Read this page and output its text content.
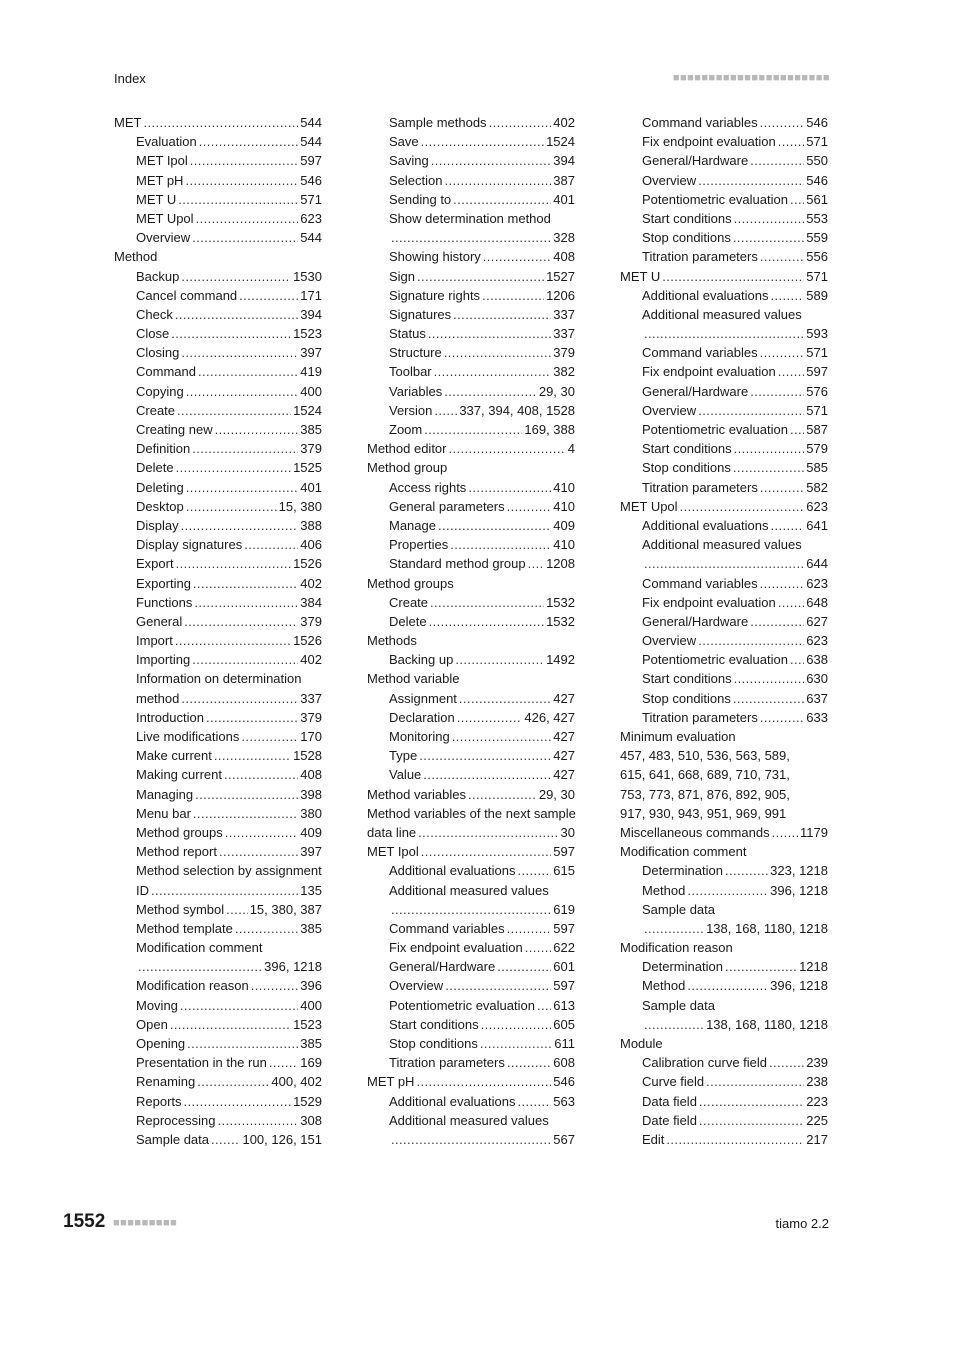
Index	■■■■■■■■■■■■■■■■■■■■■■
MET .....	544
Evaluation .....	544
MET Ipol .....	597
MET pH .....	546
MET U .....	571
MET Upol .....	623
Overview .....	544
Method
Backup .....	1530
Cancel command .....	171
Check .....	394
Close .....	1523
Closing .....	397
Command .....	419
Copying .....	400
Create .....	1524
Creating new .....	385
Definition .....	379
Delete .....	1525
Deleting .....	401
Desktop .....	15, 380
Display .....	388
Display signatures .....	406
Export .....	1526
Exporting .....	402
Functions .....	384
General .....	379
Import .....	1526
Importing .....	402
Information on determination
method .....	337
Introduction .....	379
Live modifications .....	170
Make current .....	1528
Making current .....	408
Managing .....	398
Menu bar .....	380
Method groups .....	409
Method report .....	397
Method selection by assignment
ID .....	135
Method symbol ..... 15, 380, 387
Method template .....	385
Modification comment
.....
396, 1218
Modification reason .....	396
Moving .....	400
Open .....	1523
Opening .....	385
Presentation in the run .....	169
Renaming .....	400, 402
Reports .....	1529
Reprocessing .....	308
Sample data .....	100, 126, 151
Sample methods .....	402
Save .....	1524
Saving .....	394
Selection .....	387
Sending to .....	401
Show determination method
.....
328
Showing history .....	408
Sign .....	1527
Signature rights .....	1206
Signatures .....	337
Status .....	337
Structure .....	379
Toolbar .....	382
Variables .....	29, 30
Version ..... 337, 394, 408, 1528
Zoom .....	169, 388
Method editor .....	4
Method group
Access rights .....	410
General parameters .....	410
Manage .....	409
Properties .....	410
Standard method group ..... 1208
Method groups
Create .....	1532
Delete .....	1532
Methods
Backing up .....	1492
Method variable
Assignment .....	427
Declaration .....	426, 427
Monitoring .....	427
Type .....	427
Value .....	427
Method variables .....	29, 30
Method variables of the next sample
data line .....	30
MET Ipol .....	597
Additional evaluations .....	615
Additional measured values
.....
619
Command variables .....	597
Fix endpoint evaluation ..... 622
General/Hardware .....	601
Overview .....	597
Potentiometric evaluation ..... 613
Start conditions .....	605
Stop conditions .....	611
Titration parameters .....	608
MET pH .....	546
Additional evaluations .....	563
Additional measured values
.....
567
Command variables .....	546
Fix endpoint evaluation ..... 571
General/Hardware .....	550
Overview .....	546
Potentiometric evaluation ..... 561
Start conditions .....	553
Stop conditions .....	559
Titration parameters .....	556
MET U .....	571
Additional evaluations .....	589
Additional measured values
.....
593
Command variables .....	571
Fix endpoint evaluation ..... 597
General/Hardware .....	576
Overview .....	571
Potentiometric evaluation ..... 587
Start conditions .....	579
Stop conditions .....	585
Titration parameters .....	582
MET Upol .....	623
Additional evaluations .....	641
Additional measured values
.....
644
Command variables .....	623
Fix endpoint evaluation ..... 648
General/Hardware .....	627
Overview .....	623
Potentiometric evaluation ..... 638
Start conditions .....	630
Stop conditions .....	637
Titration parameters .....	633
Minimum evaluation
457, 483, 510, 536, 563, 589,
615, 641, 668, 689, 710, 731,
753, 773, 871, 876, 892, 905,
917, 930, 943, 951, 969, 991
Miscellaneous commands ..... 1179
Modification comment
Determination .....	323, 1218
Method .....	396, 1218
Sample data
.....
138, 168, 1180, 1218
Modification reason
Determination .....	1218
Method .....	396, 1218
Sample data
.....
138, 168, 1180, 1218
Module
Calibration curve field .....	239
Curve field .....	238
Data field .....	223
Date field .....	225
Edit .....	217
1552 ■■■■■■■■■	tiamo 2.2
